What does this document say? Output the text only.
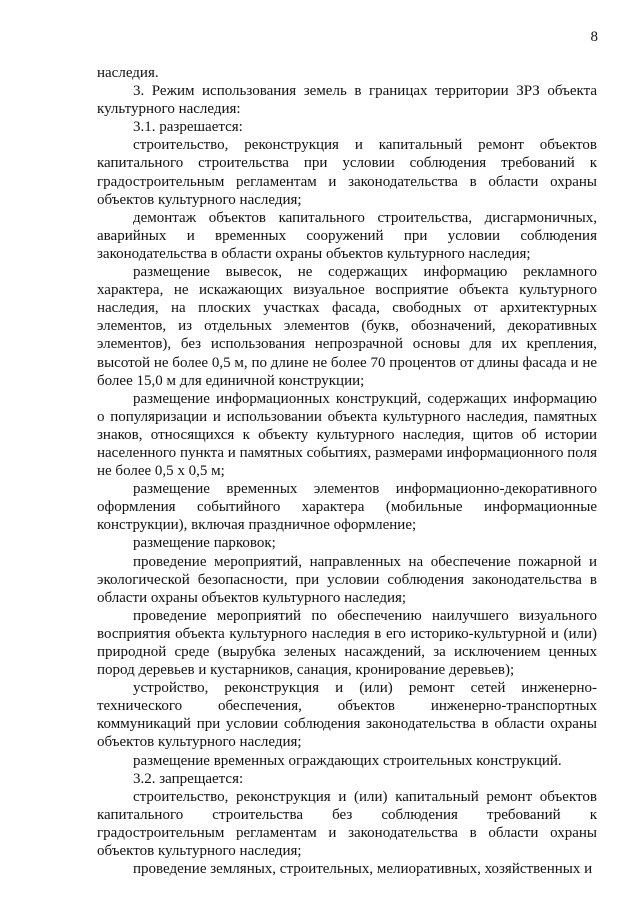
8

наследия.

3. Режим использования земель в границах территории ЗРЗ объекта культурного наследия:

3.1. разрешается:

строительство, реконструкция и капитальный ремонт объектов капитального строительства при условии соблюдения требований к градостроительным регламентам и законодательства в области охраны объектов культурного наследия;

демонтаж объектов капитального строительства, дисгармоничных, аварийных и временных сооружений при условии соблюдения законодательства в области охраны объектов культурного наследия;

размещение вывесок, не содержащих информацию рекламного характера, не искажающих визуальное восприятие объекта культурного наследия, на плоских участках фасада, свободных от архитектурных элементов, из отдельных элементов (букв, обозначений, декоративных элементов), без использования непрозрачной основы для их крепления, высотой не более 0,5 м, по длине не более 70 процентов от длины фасада и не более 15,0 м для единичной конструкции;

размещение информационных конструкций, содержащих информацию о популяризации и использовании объекта культурного наследия, памятных знаков, относящихся к объекту культурного наследия, щитов об истории населенного пункта и памятных событиях, размерами информационного поля не более 0,5 х 0,5 м;

размещение временных элементов информационно-декоративного оформления событийного характера (мобильные информационные конструкции), включая праздничное оформление;

размещение парковок;

проведение мероприятий, направленных на обеспечение пожарной и экологической безопасности, при условии соблюдения законодательства в области охраны объектов культурного наследия;

проведение мероприятий по обеспечению наилучшего визуального восприятия объекта культурного наследия в его историко-культурной и (или) природной среде (вырубка зеленых насаждений, за исключением ценных пород деревьев и кустарников, санация, кронирование деревьев);

устройство, реконструкция и (или) ремонт сетей инженерно-технического обеспечения, объектов инженерно-транспортных коммуникаций при условии соблюдения законодательства в области охраны объектов культурного наследия;

размещение временных ограждающих строительных конструкций.

3.2. запрещается:

строительство, реконструкция и (или) капитальный ремонт объектов капитального строительства без соблюдения требований к градостроительным регламентам и законодательства в области охраны объектов культурного наследия;

проведение земляных, строительных, мелиоративных, хозяйственных и
